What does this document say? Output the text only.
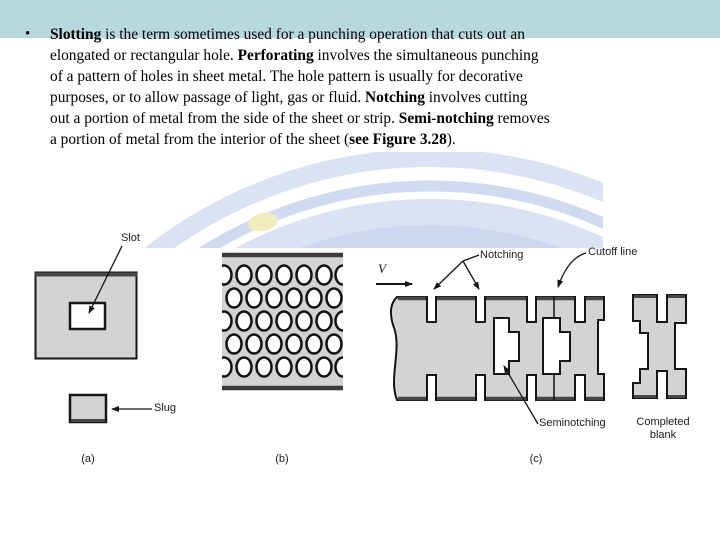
• Slotting is the term sometimes used for a punching operation that cuts out an
elongated or rectangular hole. Perforating involves the simultaneous punching
of a pattern of holes in sheet metal. The hole pattern is usually for decorative
purposes, or to allow passage of light, gas or fluid. Notching involves cutting
out a portion of metal from the side of the sheet or strip. Semi-notching removes
a portion of metal from the interior of the sheet (see Figure 3.28).
Slot
Slug
(a)	(b)	(c)
V
Notching	Cutoff line
Seminotching	Completed
blank
